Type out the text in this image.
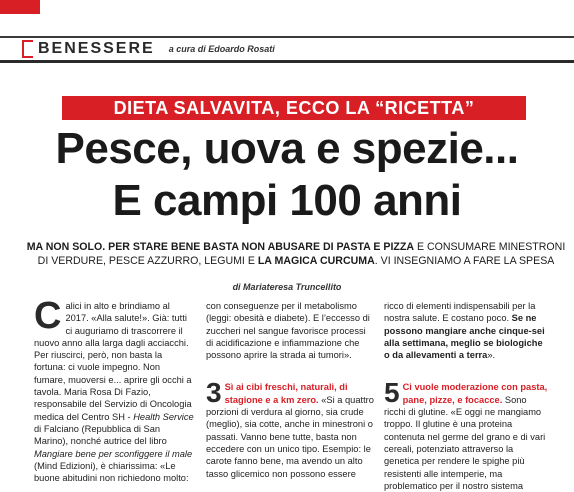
BENESSERE a cura di Edoardo Rosati
DIETA SALVAVITA, ECCO LA “RICETTA”
Pesce, uova e spezie...
E campi 100 anni
MA NON SOLO. PER STARE BENE BASTA NON ABUSARE DI PASTA E PIZZA E CONSUMARE MINESTRONI DI VERDURE, PESCE AZZURRO, LEGUMI E LA MAGICA CURCUMA. VI INSEGNIAMO A FARE LA SPESA
di Mariateresa Truncellito

Calici in alto e brindiamo al 2017. «Alla salute!». Già: tutti ci auguriamo di trascorrere il nuovo anno alla larga dagli acciacchi. Per riuscirci, però, non basta la fortuna: ci vuole impegno. Non fumare, muoversi e... aprire gli occhi a tavola. Maria Rosa Di Fazio, responsabile del Servizio di Oncologia medica del Centro SH - Health Service di Falciano (Repubblica di San Marino), nonché autrice del libro Mangiare bene per sconfiggere il male (Mind Edizioni), è chiarissima: «Le buone abitudini non richiedono molto:

con conseguenze per il metabolismo (leggi: obesità e diabete). E l’eccesso di zuccheri nel sangue favorisce processi di acidificazione e infiammazione che possono aprire la strada ai tumori».

3 Sì ai cibi freschi, naturali, di stagione e a km zero. «Si a quattro porzioni di verdura al giorno, sia crude (meglio), sia cotte, anche in minestroni o passati. Vanno bene tutte, basta non eccedere con un unico tipo. Esempio: le carote fanno bene, ma avendo un alto tasso glicemico non possono essere

ricco di elementi indispensabili per la nostra salute. E costano poco. Se ne possono mangiare anche cinque-sei alla settimana, meglio se biologiche o da allevamenti a terra».

5 Ci vuole moderazione con pasta, pane, pizze, e focacce. Sono ricchi di glutine. «E oggi ne mangiamo troppo. Il glutine è una proteina contenuta nel germe del grano e di vari cereali, potenziato attraverso la genetica per rendere le spighe più resistenti alle intemperie, ma problematico per il nostro sistema
